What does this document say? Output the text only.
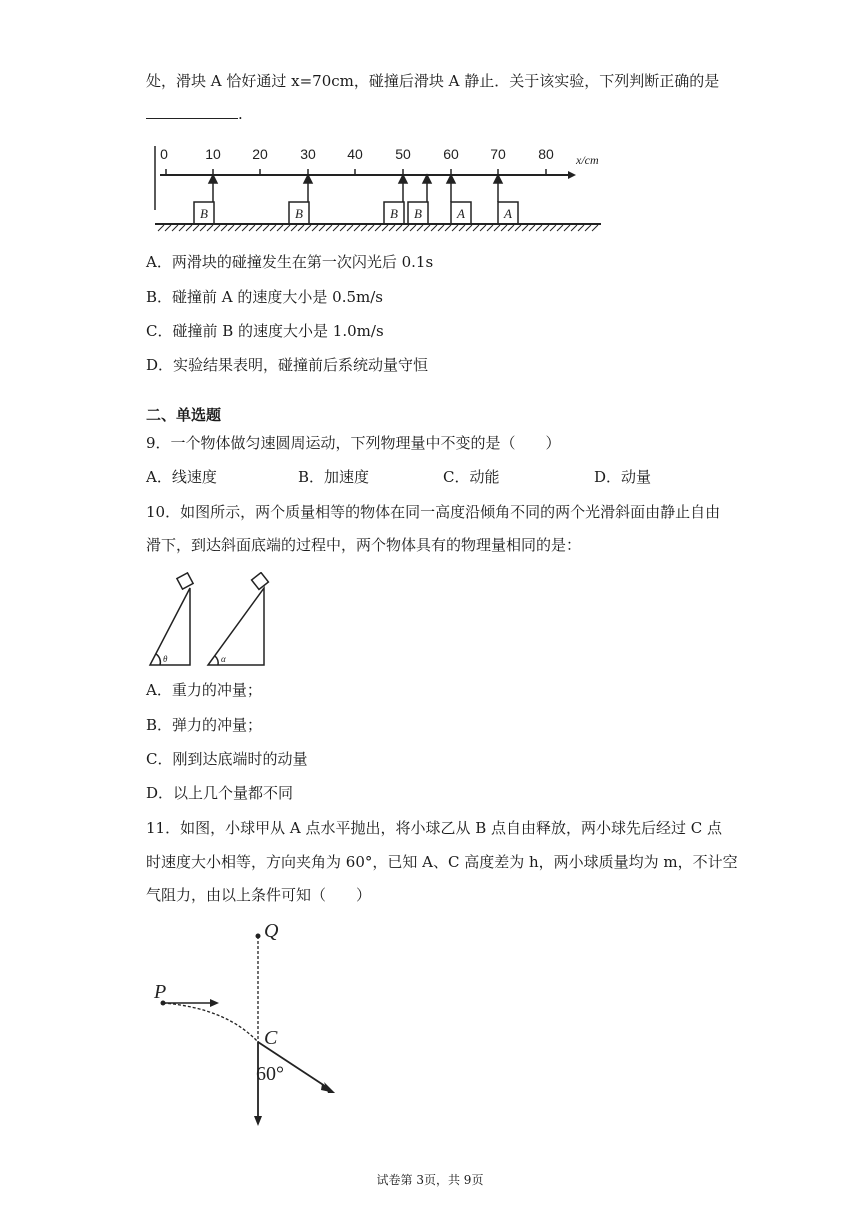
处，滑块 A 恰好通过 x=70cm，碰撞后滑块 A 静止．关于该实验，下列判断正确的是
.
0	10 20 30 40 50 60 70 80 x/cm
B	B	B B	A	A
A．两滑块的碰撞发生在第一次闪光后 0.1s
B．碰撞前 A 的速度大小是 0.5m/s
C．碰撞前 B 的速度大小是 1.0m/s
D．实验结果表明，碰撞前后系统动量守恒
二、单选题
9．一个物体做匀速圆周运动，下列物理量中不变的是（　　）
A．线速度	B．加速度	C．动能	D．动量
10．如图所示，两个质量相等的物体在同一高度沿倾角不同的两个光滑斜面由静止自由
滑下，到达斜面底端的过程中，两个物体具有的物理量相同的是：
θ	α
A．重力的冲量；
B．弹力的冲量；
C．刚到达底端时的动量
D．以上几个量都不同
11．如图，小球甲从 A 点水平抛出，将小球乙从 B 点自由释放，两小球先后经过 C 点
时速度大小相等，方向夹角为 60°，已知 A、C 高度差为 h，两小球质量均为 m，不计空
气阻力，由以上条件可知（　　）
Q
P
C
60°
试卷第 3页，共 9页
